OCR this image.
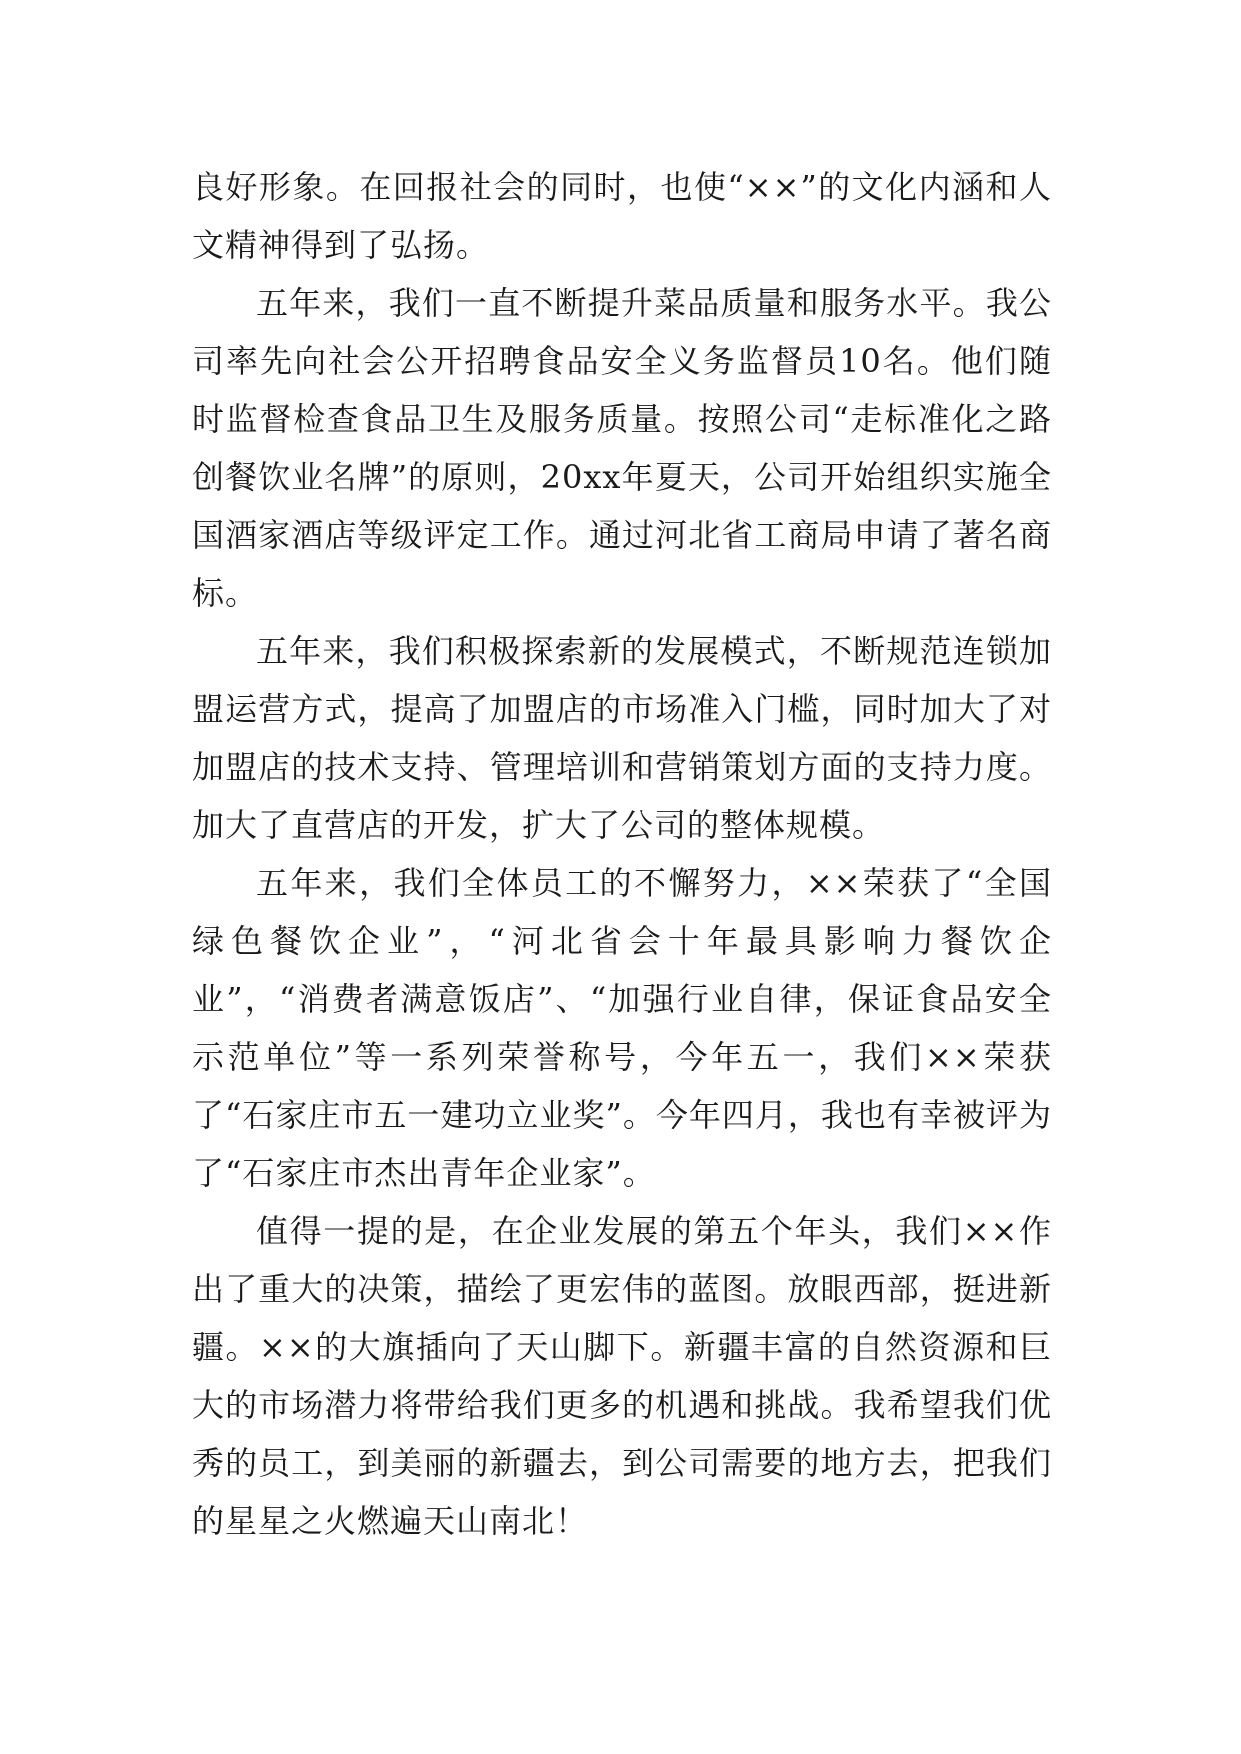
良好形象。在回报社会的同时，也使“××”的文化内涵和人文精神得到了弘扬。

五年来，我们一直不断提升菜品质量和服务水平。我公司率先向社会公开招聘食品安全义务监督员10名。他们随时监督检查食品卫生及服务质量。按照公司“走标准化之路创餐饮业名牌”的原则，20xx年夏天，公司开始组织实施全国酒家酒店等级评定工作。通过河北省工商局申请了著名商标。

五年来，我们积极探索新的发展模式，不断规范连锁加盟运营方式，提高了加盟店的市场准入门槛，同时加大了对加盟店的技术支持、管理培训和营销策划方面的支持力度。加大了直营店的开发，扩大了公司的整体规模。

五年来，我们全体员工的不懈努力，××荣获了“全国绿色餐饮企业”，“河北省会十年最具影响力餐饮企业”，“消费者满意饭店”、“加强行业自律，保证食品安全示范单位”等一系列荣誉称号，今年五一，我们××荣获了“石家庄市五一建功立业奖”。今年四月，我也有幸被评为了“石家庄市杰出青年企业家”。

值得一提的是，在企业发展的第五个年头，我们××作出了重大的决策，描绘了更宏伟的蓝图。放眼西部，挺进新疆。××的大旗插向了天山脚下。新疆丰富的自然资源和巨大的市场潜力将带给我们更多的机遇和挑战。我希望我们优秀的员工，到美丽的新疆去，到公司需要的地方去，把我们的星星之火燃遍天山南北！
